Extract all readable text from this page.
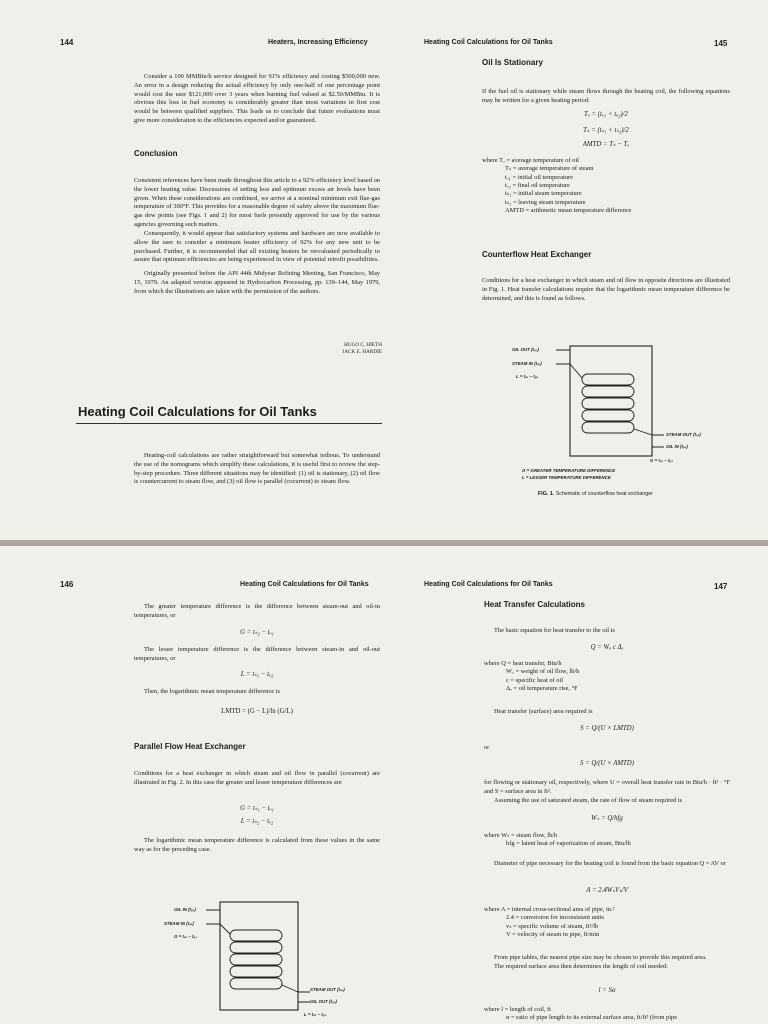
144	Heaters, Increasing Efficiency
Consider a 100 MMBtu/h service designed for 91% efficiency and costing $500,000 new. An error in a design reducing the actual efficiency by only one-half of one percentage point would cost the user $121,000 over 3 years when burning fuel valued at $2.50/MMBtu. It is obvious this loss in fuel economy is considerably greater than most variations in first cost would be between qualified suppliers. This leads us to conclude that future evaluations must give more consideration to the efficiencies expected and/or guaranteed.
Conclusion

Consistent references have been made throughout this article to a 92% efficiency level based on the lower heating value. Discussions of setting loss and optimum excess air levels have been given. When these considerations are combined, we arrive at a nominal minimum exit flue-gas temperature of 300°F. This provides for a reasonable degree of safety above the maximum flue-gas dew points (see Figs. 1 and 2) for most fuels presently approved for use by the various agencies governing such matters.

Consequently, it would appear that satisfactory systems and hardware are now available to allow the user to consider a minimum heater efficiency of 92% for any new unit to be purchased. Further, it is recommended that all existing heaters be reevaluated periodically to assure that optimum efficiencies are being experienced in view of potential retrofit possibilities.

Originally presented before the API 44th Midyear Refining Meeting, San Francisco, May 15, 1979. An adapted version appeared in Hydrocarbon Processing, pp. 139–144, May 1979, from which the illustrations are taken with the permission of the authors.

HUGO C. HIETH
JACK E. HARDIE
Heating Coil Calculations for Oil Tanks
Heating-coil calculations are rather straightforward but somewhat tedious. To understand the use of the nomograms which simplify these calculations, it is useful first to review the step-by-step procedure. Three different situations may be identified: (1) oil is stationary, (2) oil flow is countercurrent to steam flow, and (3) oil flow is parallel (cocurrent) to steam flow.
Heating Coil Calculations for Oil Tanks	145
Oil Is Stationary
If the fuel oil is stationary while steam flows through the heating coil, the following equations may be written for a given heating period:
Tₒ = (tₒ₁ + tₒ₂)/2
Tₛ = (tₛ₁ + tₛ₂)/2
AMTD = Tₛ − Tₒ
where Tₒ = average temperature of oil
Tₛ = average temperature of steam
tₒ₁ = initial oil temperature
tₒ₂ = final oil temperature
tₛ₁ = initial steam temperature
tₛ₂ = leaving steam temperature
AMTD = arithmetic mean temperature difference
Counterflow Heat Exchanger
Conditions for a heat exchanger in which steam and oil flow in opposite directions are illustrated in Fig. 1. Heat transfer calculations require that the logarithmic mean temperature difference be determined, and this is found as follows.
OIL OUT (tₒ₂)
STEAM IN (tₛ₁)
L = tₛ₂ − tₒ₁
STEAM OUT (tₛ₂)
OIL IN (tₒ₁)
G = tₛ₁ − tₒ₂
G = GREATER TEMPERATURE DIFFERENCE
L = LESSER TEMPERATURE DIFFERENCE
FIG. 1. Schematic of counterflow heat exchanger
146	Heating Coil Calculations for Oil Tanks
The greater temperature difference is the difference between steam-out and oil-in temperatures, or
G = tₛ₂ − tₒ₁
The lesser temperature difference is the difference between steam-in and oil-out temperatures, or
L = tₛ₁ − tₒ₂
Then, the logarithmic mean temperature difference is
LMTD = (G − L)/ln (G/L)
Parallel Flow Heat Exchanger
Conditions for a heat exchanger in which steam and oil flow in parallel (cocurrent) are illustrated in Fig. 2. In this case the greater and lesser temperature differences are
G = tₛ₁ − tₒ₁
L = tₛ₂ − tₒ₂
The logarithmic mean temperature difference is calculated from these values in the same way as for the preceding case.
OIL IN (tₒ₁)
STEAM IN (tₛ₁)
G = tₛ₁ − tₒ₁
STEAM OUT (tₛ₂)
OIL OUT (tₒ₂)
L = tₛ₂ − tₒ₂
Heating Coil Calculations for Oil Tanks	147
Heat Transfer Calculations
The basic equation for heat transfer to the oil is
Q = Wₒ c Δₒ
where Q = heat transfer, Btu/h
Wₒ = weight of oil flow, lb/h
c = specific heat of oil
Δₒ = oil temperature rise, °F
Heat transfer (surface) area required is
S = Q/(U × LMTD)
or
S = Q/(U × AMTD)

for flowing or stationary oil, respectively, where U = overall heat transfer rate in Btu/h · ft² · °F and S = surface area in ft².

Assuming the use of saturated steam, the rate of flow of steam required is

Wₛ = Q/hfg
where Wₛ = steam flow, lb/h
hfg = latent heat of vaporization of steam, Btu/lb
Diameter of pipe necessary for the heating coil is found from the basic equation Q = AV or
A = 2.4WₛVₛ/V
where A = internal cross-sectional area of pipe, in.²
2.4 = conversion for inconsistent units
vₛ = specific volume of steam, ft³/lb
V = velocity of steam in pipe, ft/min

From pipe tables, the nearest pipe size may be chosen to provide this required area.

The required surface area then determines the length of coil needed:

l = Sα
where l = length of coil, ft
α = ratio of pipe length to its external surface area, ft/ft² (from pipe
